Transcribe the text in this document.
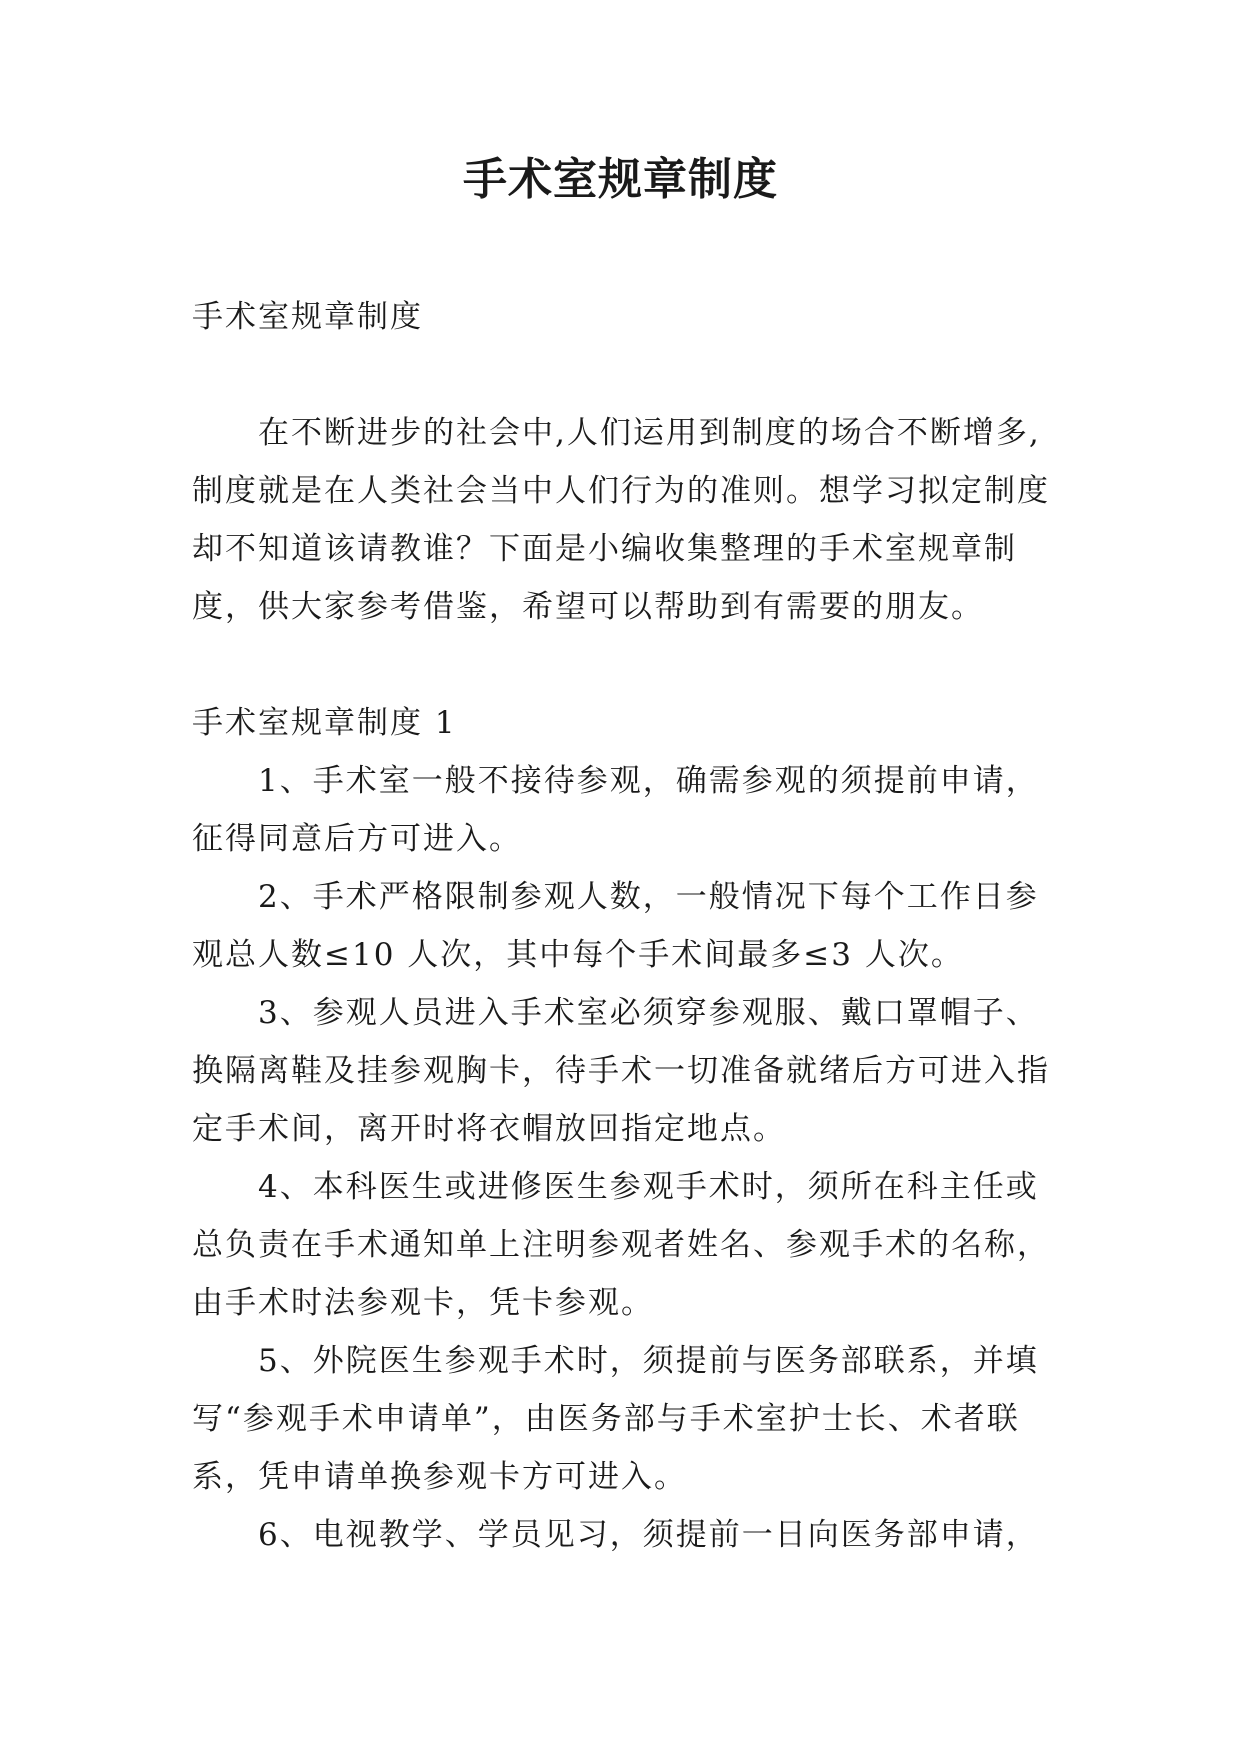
手术室规章制度

手术室规章制度

在不断进步的社会中,人们运用到制度的场合不断增多,制度就是在人类社会当中人们行为的准则。想学习拟定制度却不知道该请教谁？下面是小编收集整理的手术室规章制度，供大家参考借鉴，希望可以帮助到有需要的朋友。

手术室规章制度 1

1、手术室一般不接待参观，确需参观的须提前申请，征得同意后方可进入。

2、手术严格限制参观人数，一般情况下每个工作日参观总人数≤10 人次，其中每个手术间最多≤3 人次。

3、参观人员进入手术室必须穿参观服、戴口罩帽子、换隔离鞋及挂参观胸卡，待手术一切准备就绪后方可进入指定手术间，离开时将衣帽放回指定地点。

4、本科医生或进修医生参观手术时，须所在科主任或总负责在手术通知单上注明参观者姓名、参观手术的名称，由手术时法参观卡，凭卡参观。

5、外院医生参观手术时，须提前与医务部联系，并填写“参观手术申请单”，由医务部与手术室护士长、术者联系，凭申请单换参观卡方可进入。

6、电视教学、学员见习，须提前一日向医务部申请，
